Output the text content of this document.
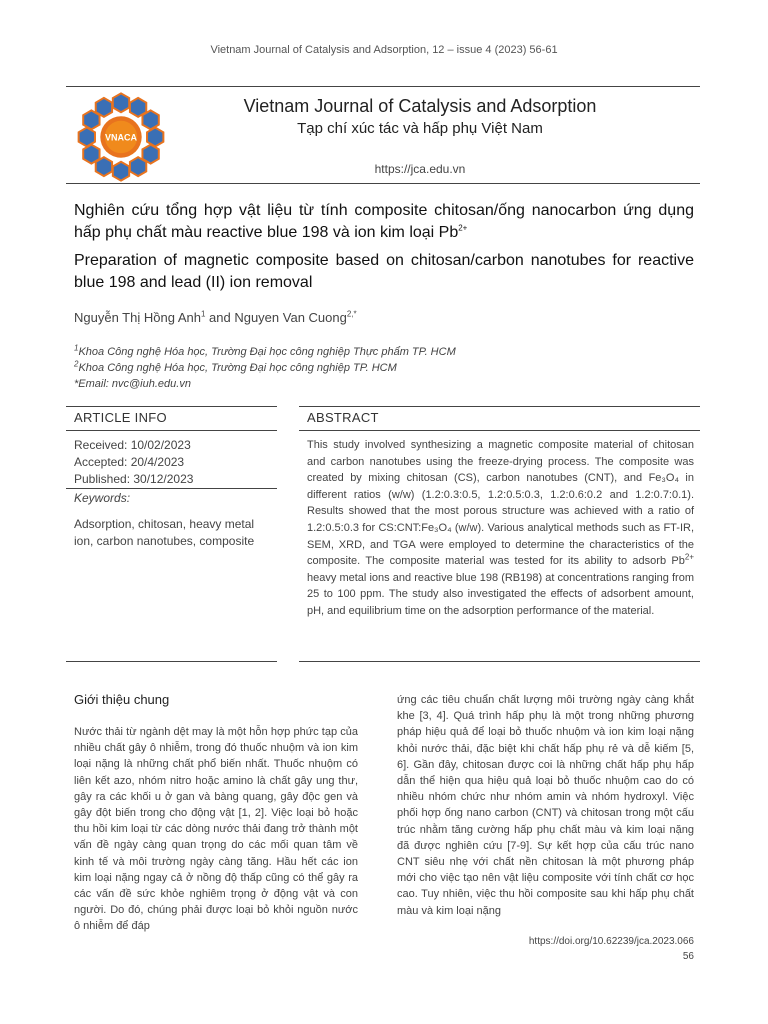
Vietnam Journal of Catalysis and Adsorption, 12 – issue 4 (2023) 56-61
VNACA
Vietnam Journal of Catalysis and Adsorption
Tạp chí xúc tác và hấp phụ Việt Nam
https://jca.edu.vn
Nghiên cứu tổng hợp vật liệu từ tính composite chitosan/ống nanocarbon ứng dụng hấp phụ chất màu reactive blue 198 và ion kim loại $Pb^{2+}$
Preparation of magnetic composite based on chitosan/carbon nanotubes for reactive blue 198 and lead (II) ion removal
Nguyễn Thị Hồng Anh$^1$ and Nguyen Van Cuong$^{2,*}$
$^1$Khoa Công nghệ Hóa học, Trường Đại học công nghiệp Thực phẩm TP. HCM
$^2$Khoa Công nghệ Hóa học, Trường Đại học công nghiệp TP. HCM
*Email: nvc@iuh.edu.vn
ARTICLE INFO	ABSTRACT
Received: 10/02/2023
Accepted: 20/4/2023
Published: 30/12/2023
Keywords:
Adsorption, chitosan, heavy metal ion, carbon nanotubes, composite
This study involved synthesizing a magnetic composite material of chitosan and carbon nanotubes using the freeze-drying process. The composite was created by mixing chitosan (CS), carbon nanotubes (CNT), and Fe₃O₄ in different ratios (w/w) (1.2:0.3:0.5, 1.2:0.5:0.3, 1.2:0.6:0.2 and 1.2:0.7:0.1). Results showed that the most porous structure was achieved with a ratio of 1.2:0.5:0.3 for CS:CNT:Fe₃O₄ (w/w). Various analytical methods such as FT-IR, SEM, XRD, and TGA were employed to determine the characteristics of the composite. The composite material was tested for its ability to adsorb $Pb^{2+}$ heavy metal ions and reactive blue 198 (RB198) at concentrations ranging from 25 to 100 ppm. The study also investigated the effects of adsorbent amount, pH, and equilibrium time on the adsorption performance of the material.
Giới thiệu chung
Nước thải từ ngành dệt may là một hỗn hợp phức tạp của nhiều chất gây ô nhiễm, trong đó thuốc nhuộm và ion kim loại nặng là những chất phổ biến nhất. Thuốc nhuộm có liên kết azo, nhóm nitro hoặc amino là chất gây ung thư, gây ra các khối u ở gan và bàng quang, gây độc gen và gây đột biến trong cho động vật [1, 2]. Việc loại bỏ hoặc thu hồi kim loại từ các dòng nước thải đang trở thành một vấn đề ngày càng quan trọng do các mối quan tâm về kinh tế và môi trường ngày càng tăng. Hầu hết các ion kim loại nặng ngay cả ở nồng độ thấp cũng có thể gây ra các vấn đề sức khỏe nghiêm trọng ở động vật và con người. Do đó, chúng phải được loại bỏ khỏi nguồn nước ô nhiễm để đáp
ứng các tiêu chuẩn chất lượng môi trường ngày càng khắt khe [3, 4]. Quá trình hấp phụ là một trong những phương pháp hiệu quả để loại bỏ thuốc nhuộm và ion kim loại nặng khỏi nước thải, đặc biệt khi chất hấp phụ rẻ và dễ kiếm [5, 6]. Gần đây, chitosan được coi là những chất hấp phụ hấp dẫn thể hiện qua hiệu quả loại bỏ thuốc nhuộm cao do có nhiều nhóm chức như nhóm amin và nhóm hydroxyl. Việc phối hợp ống nano carbon (CNT) và chitosan trong một cấu trúc nhằm tăng cường hấp phụ chất màu và kim loại nặng đã được nghiên cứu [7-9]. Sự kết hợp của cấu trúc nano CNT siêu nhẹ với chất nền chitosan là một phương pháp mới cho việc tạo nên vật liệu composite với tính chất cơ học cao. Tuy nhiên, việc thu hồi composite sau khi hấp phụ chất màu và kim loại nặng
https://doi.org/10.62239/jca.2023.066
56
